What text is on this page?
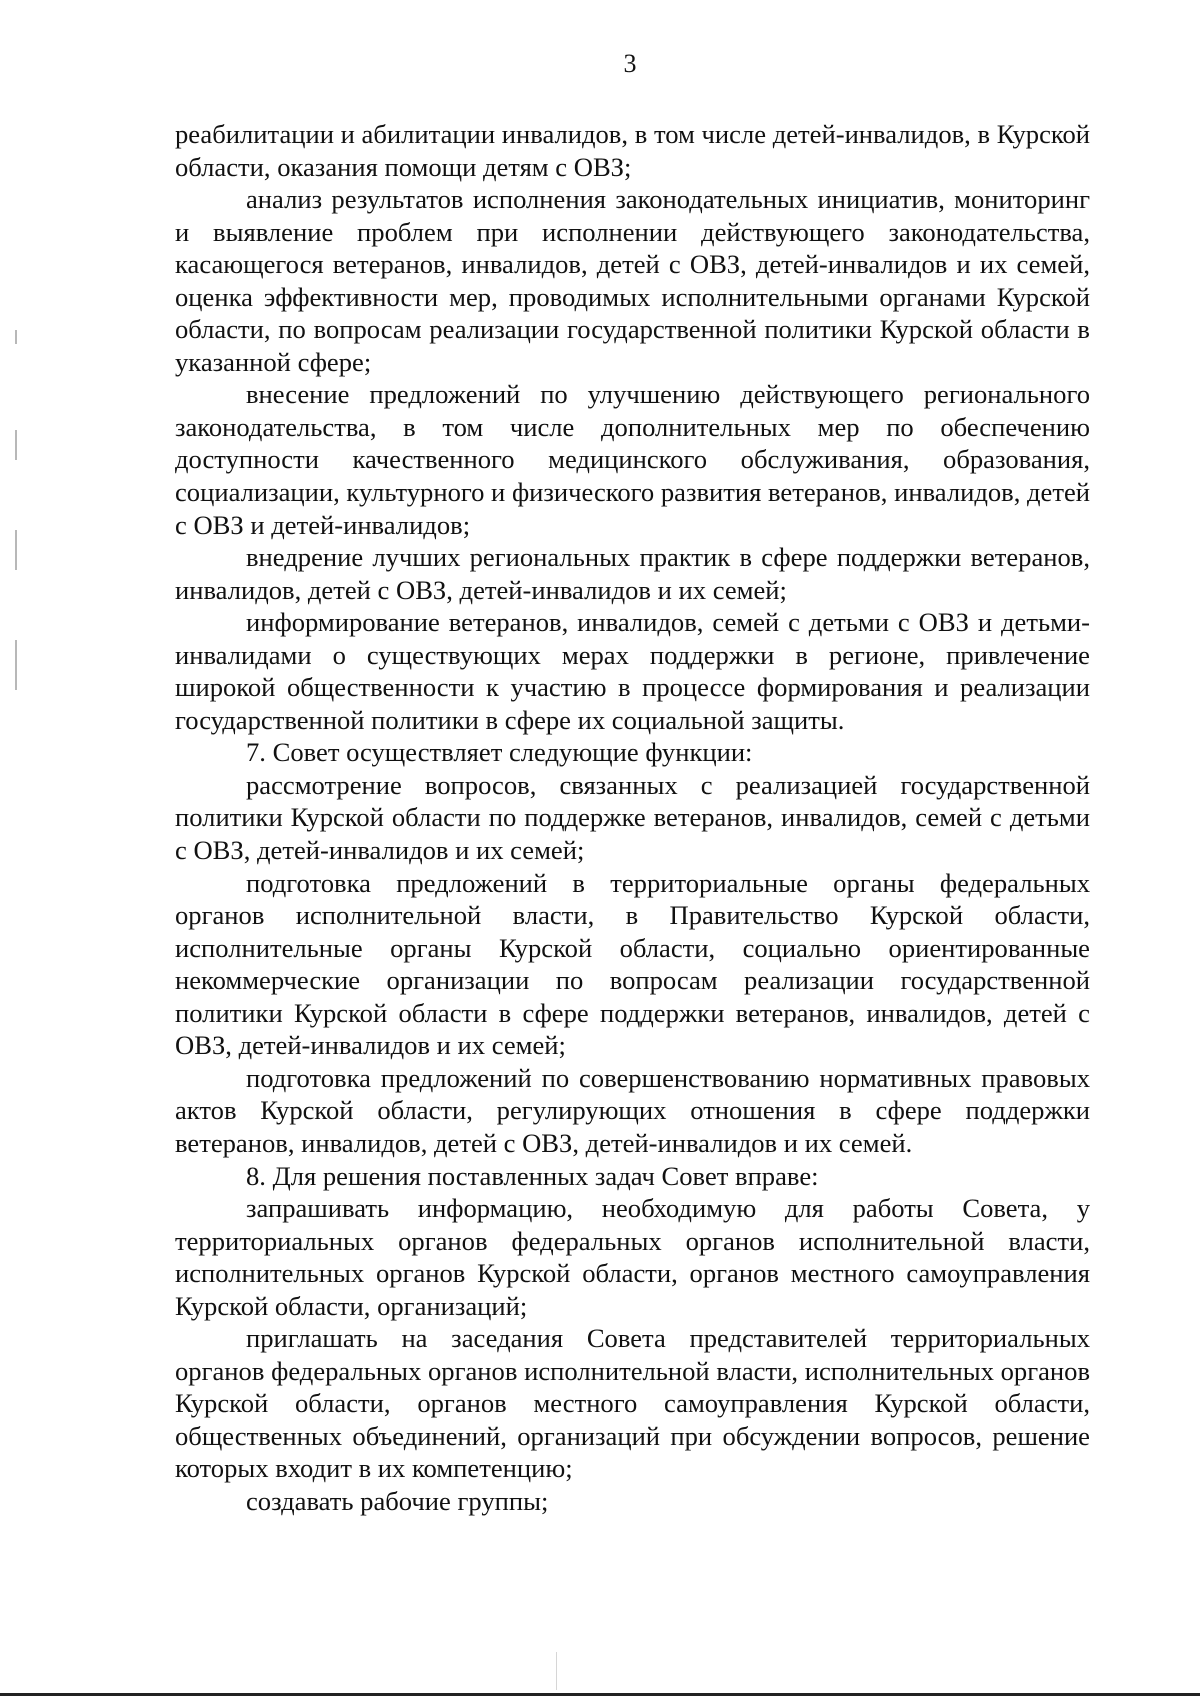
3

реабилитации и абилитации инвалидов, в том числе детей-инвалидов, в Курской области, оказания помощи детям с ОВЗ;

анализ результатов исполнения законодательных инициатив, мониторинг и выявление проблем при исполнении действующего законодательства, касающегося ветеранов, инвалидов, детей с ОВЗ, детей-инвалидов и их семей, оценка эффективности мер, проводимых исполнительными органами Курской области, по вопросам реализации государственной политики Курской области в указанной сфере;

внесение предложений по улучшению действующего регионального законодательства, в том числе дополнительных мер по обеспечению доступности качественного медицинского обслуживания, образования, социализации, культурного и физического развития ветеранов, инвалидов, детей с ОВЗ и детей-инвалидов;

внедрение лучших региональных практик в сфере поддержки ветеранов, инвалидов, детей с ОВЗ, детей-инвалидов и их семей;

информирование ветеранов, инвалидов, семей с детьми с ОВЗ и детьми-инвалидами о существующих мерах поддержки в регионе, привлечение широкой общественности к участию в процессе формирования и реализации государственной политики в сфере их социальной защиты.

7. Совет осуществляет следующие функции:

рассмотрение вопросов, связанных с реализацией государственной политики Курской области по поддержке ветеранов, инвалидов, семей с детьми с ОВЗ, детей-инвалидов и их семей;

подготовка предложений в территориальные органы федеральных органов исполнительной власти, в Правительство Курской области, исполнительные органы Курской области, социально ориентированные некоммерческие организации по вопросам реализации государственной политики Курской области в сфере поддержки ветеранов, инвалидов, детей с ОВЗ, детей-инвалидов и их семей;

подготовка предложений по совершенствованию нормативных правовых актов Курской области, регулирующих отношения в сфере поддержки ветеранов, инвалидов, детей с ОВЗ, детей-инвалидов и их семей.

8. Для решения поставленных задач Совет вправе:

запрашивать информацию, необходимую для работы Совета, у территориальных органов федеральных органов исполнительной власти, исполнительных органов Курской области, органов местного самоуправления Курской области, организаций;

приглашать на заседания Совета представителей территориальных органов федеральных органов исполнительной власти, исполнительных органов Курской области, органов местного самоуправления Курской области, общественных объединений, организаций при обсуждении вопросов, решение которых входит в их компетенцию;

создавать рабочие группы;
